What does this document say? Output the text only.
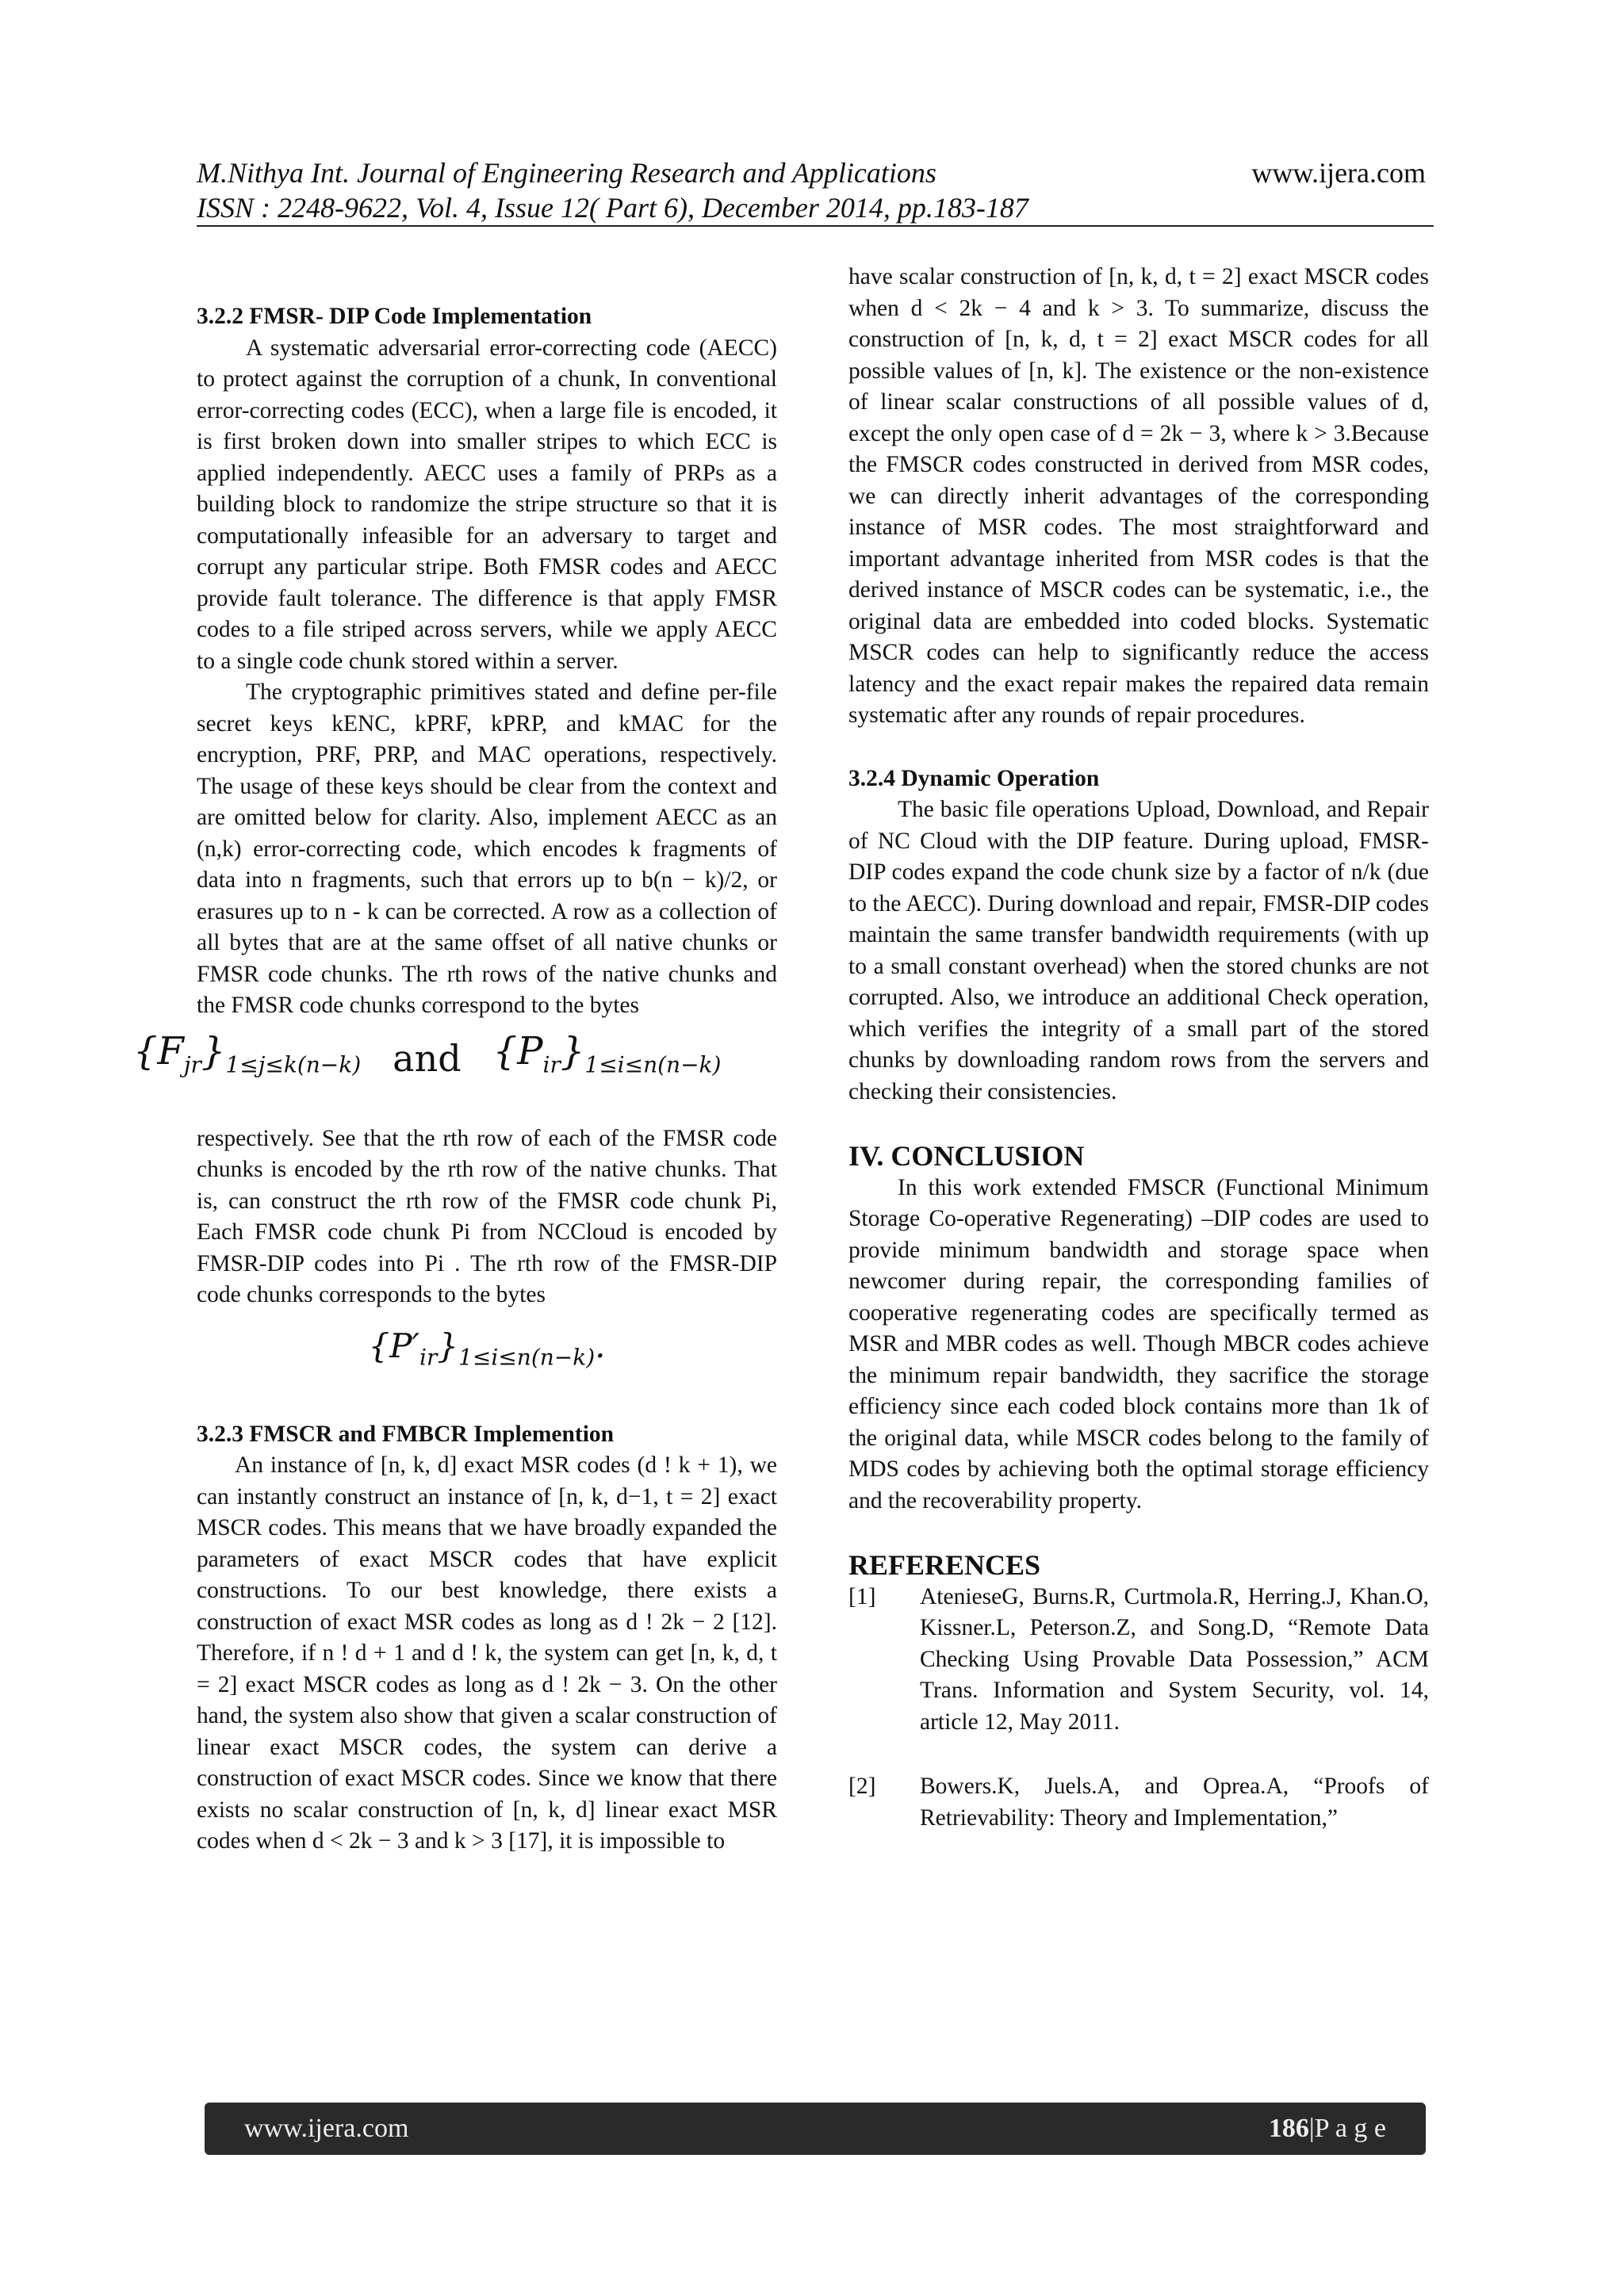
M.Nithya Int. Journal of Engineering Research and Applications
ISSN : 2248-9622, Vol. 4, Issue 12( Part 6), December 2014, pp.183-187
www.ijera.com

3.2.2 FMSR- DIP Code Implementation

A systematic adversarial error-correcting code (AECC) to protect against the corruption of a chunk, In conventional error-correcting codes (ECC), when a large file is encoded, it is first broken down into smaller stripes to which ECC is applied independently. AECC uses a family of PRPs as a building block to randomize the stripe structure so that it is computationally infeasible for an adversary to target and corrupt any particular stripe. Both FMSR codes and AECC provide fault tolerance. The difference is that apply FMSR codes to a file striped across servers, while we apply AECC to a single code chunk stored within a server.

The cryptographic primitives stated and define per-file secret keys kENC, kPRF, kPRP, and kMAC for the encryption, PRF, PRP, and MAC operations, respectively. The usage of these keys should be clear from the context and are omitted below for clarity. Also, implement AECC as an (n,k) error-correcting code, which encodes k fragments of data into n fragments, such that errors up to b(n − k)/2, or erasures up to n - k can be corrected. A row as a collection of all bytes that are at the same offset of all native chunks or FMSR code chunks. The rth rows of the native chunks and the FMSR code chunks correspond to the bytes

$\{F_{jr}\}_{1\le j\le k(n-k)}$ and $\{P_{ir}\}_{1\le i\le n(n-k)}$

respectively. See that the rth row of each of the FMSR code chunks is encoded by the rth row of the native chunks. That is, can construct the rth row of the FMSR code chunk Pi, Each FMSR code chunk Pi from NCCloud is encoded by FMSR-DIP codes into Pi . The rth row of the FMSR-DIP code chunks corresponds to the bytes

$\{P'_{ir}\}_{1\le i\le n(n-k)}$.

3.2.3 FMSCR and FMBCR Implemention

An instance of [n, k, d] exact MSR codes (d ! k + 1), we can instantly construct an instance of [n, k, d−1, t = 2] exact MSCR codes. This means that we have broadly expanded the parameters of exact MSCR codes that have explicit constructions. To our best knowledge, there exists a construction of exact MSR codes as long as d ! 2k − 2 [12]. Therefore, if n ! d + 1 and d ! k, the system can get [n, k, d, t = 2] exact MSCR codes as long as d ! 2k − 3. On the other hand, the system also show that given a scalar construction of linear exact MSCR codes, the system can derive a construction of exact MSCR codes. Since we know that there exists no scalar construction of [n, k, d] linear exact MSR codes when d < 2k − 3 and k > 3 [17], it is impossible to

have scalar construction of [n, k, d, t = 2] exact MSCR codes when d < 2k − 4 and k > 3. To summarize, discuss the construction of [n, k, d, t = 2] exact MSCR codes for all possible values of [n, k]. The existence or the non-existence of linear scalar constructions of all possible values of d, except the only open case of d = 2k − 3, where k > 3.Because the FMSCR codes constructed in derived from MSR codes, we can directly inherit advantages of the corresponding instance of MSR codes. The most straightforward and important advantage inherited from MSR codes is that the derived instance of MSCR codes can be systematic, i.e., the original data are embedded into coded blocks. Systematic MSCR codes can help to significantly reduce the access latency and the exact repair makes the repaired data remain systematic after any rounds of repair procedures.

3.2.4 Dynamic Operation

The basic file operations Upload, Download, and Repair of NC Cloud with the DIP feature. During upload, FMSR-DIP codes expand the code chunk size by a factor of n/k (due to the AECC). During download and repair, FMSR-DIP codes maintain the same transfer bandwidth requirements (with up to a small constant overhead) when the stored chunks are not corrupted. Also, we introduce an additional Check operation, which verifies the integrity of a small part of the stored chunks by downloading random rows from the servers and checking their consistencies.

IV. CONCLUSION

In this work extended FMSCR (Functional Minimum Storage Co-operative Regenerating) –DIP codes are used to provide minimum bandwidth and storage space when newcomer during repair, the corresponding families of cooperative regenerating codes are specifically termed as MSR and MBR codes as well. Though MBCR codes achieve the minimum repair bandwidth, they sacrifice the storage efficiency since each coded block contains more than 1k of the original data, while MSCR codes belong to the family of MDS codes by achieving both the optimal storage efficiency and the recoverability property.

REFERENCES

[1]	AtenieseG, Burns.R, Curtmola.R, Herring.J, Khan.O, Kissner.L, Peterson.Z, and Song.D, “Remote Data Checking Using Provable Data Possession,” ACM Trans. Information and System Security, vol. 14, article 12, May 2011.
[2]	Bowers.K, Juels.A, and Oprea.A, “Proofs of Retrievability: Theory and Implementation,”
www.ijera.com	186|P a g e
